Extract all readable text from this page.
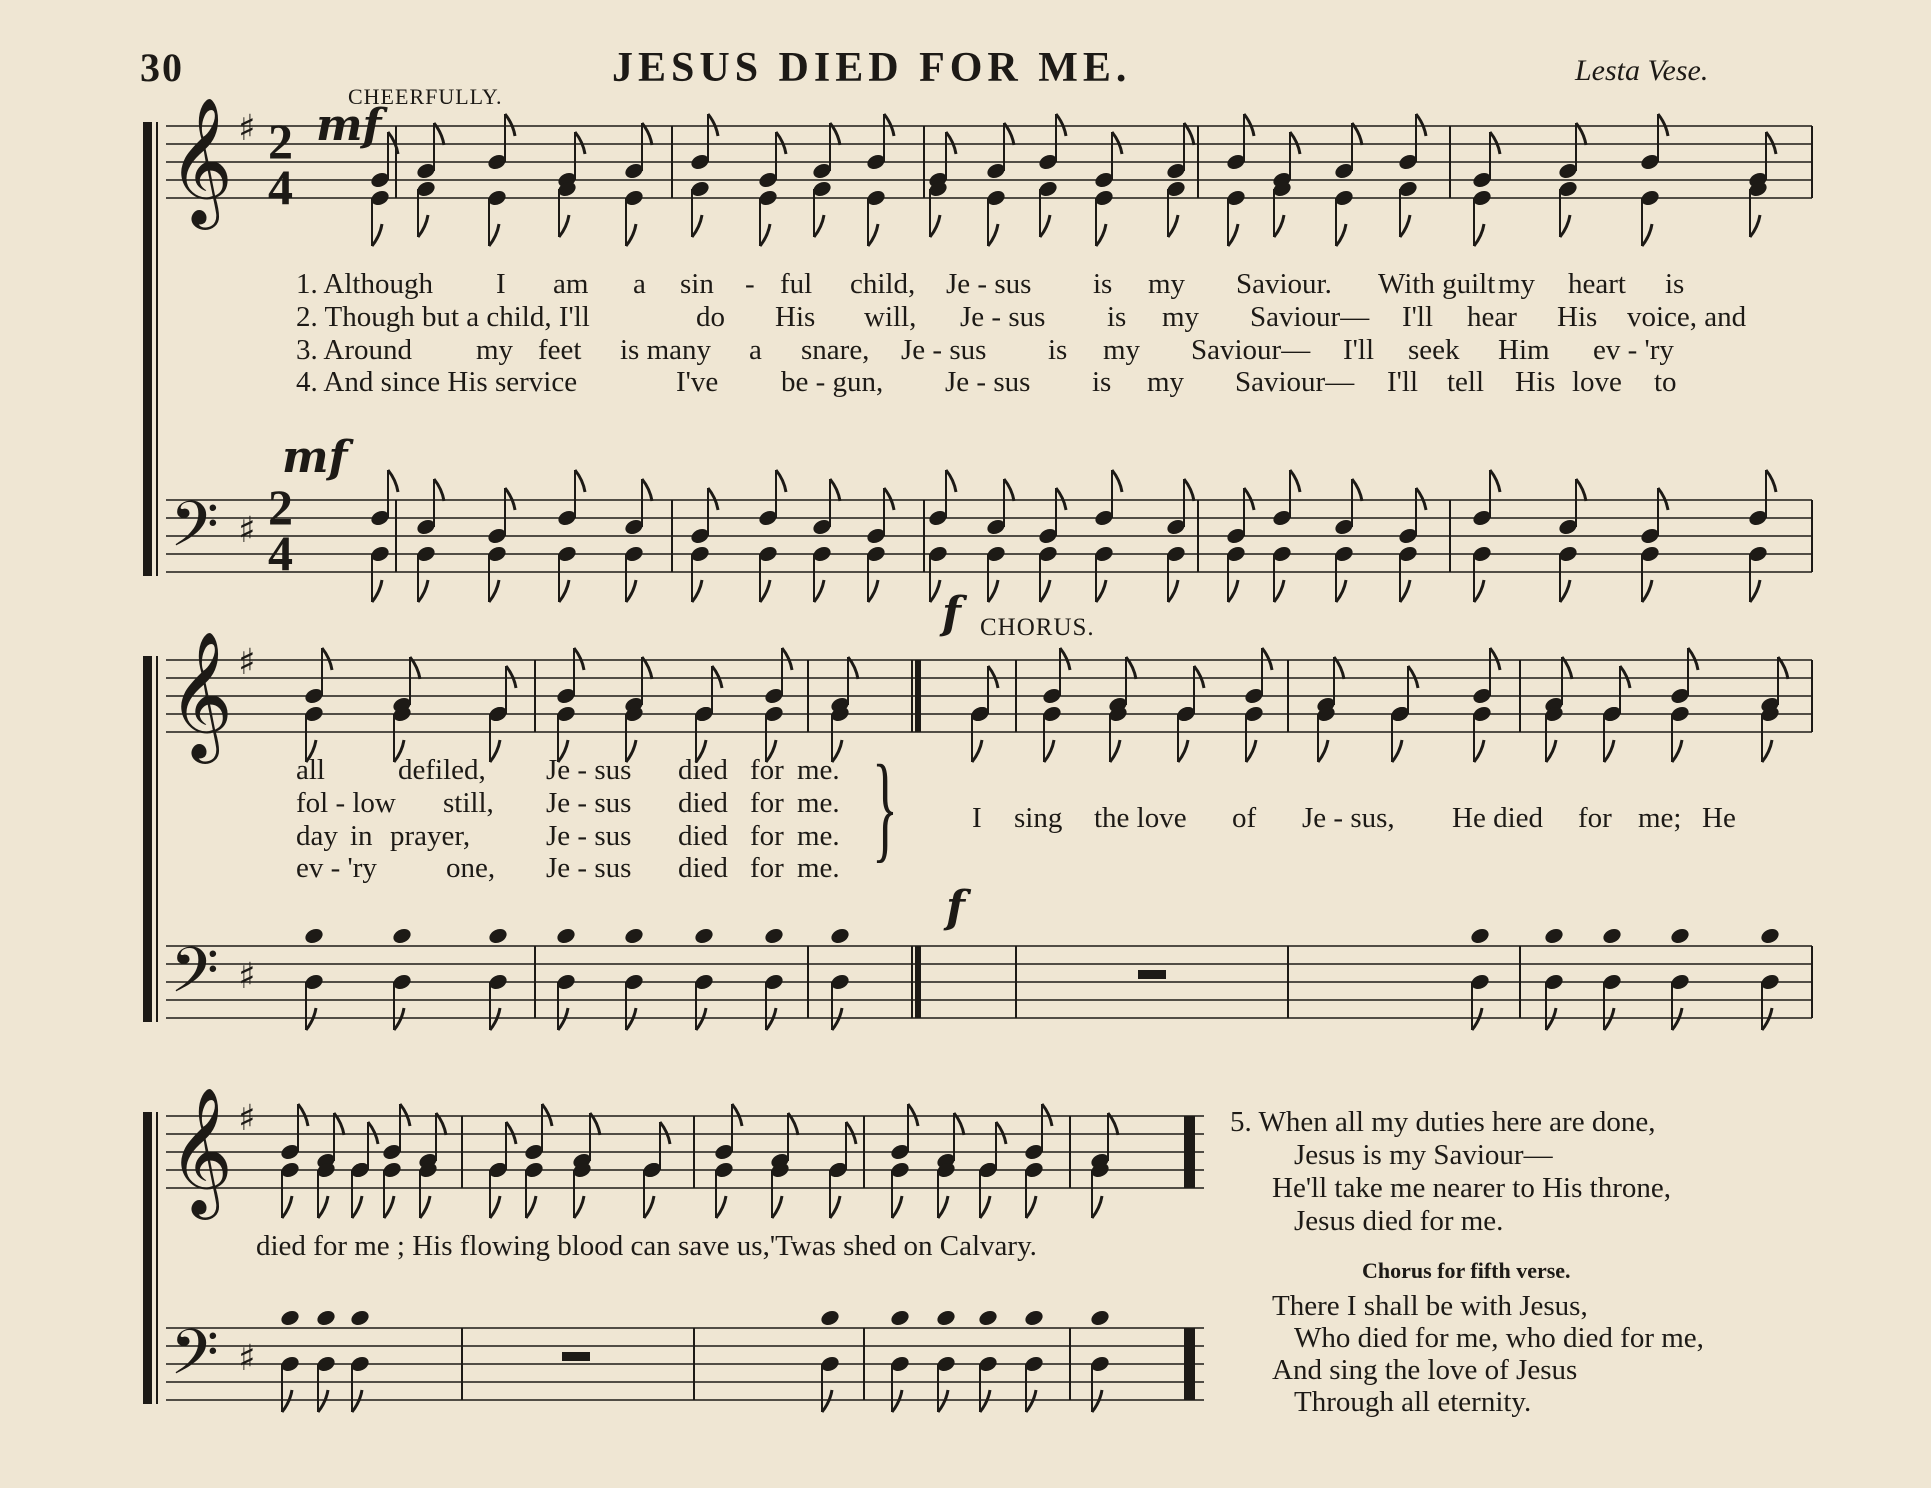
30	JESUS DIED FOR ME.	Lesta Vese.
CHEERFULLY.
𝄞
𝄢
♯
♯
𝄞
𝄢
♯
♯
𝄞
𝄢
♯
♯
2
4
2
4
mf
mf
f
f
CHORUS.
1. Although	I	am	a	sin	- ful	child,	Je - sus	is	my	Saviour.	With guilt my	heart	is
2. Though but a child, I'll	do	His	will,	Je - sus	is	my	Saviour—	I'll	hear	His	voice, and
3. Around	my feet	is many	a	snare,	Je - sus	is	my	Saviour—	I'll	seek	Him	ev - 'ry
4. And since His service	I've	be - gun,	Je - sus	is	my	Saviour—	I'll	tell	His love	to
all	defiled,	Je - sus	died for me.
fol - low	still,	Je - sus	died for me.
day in prayer,	Je - sus	died for me.
ev - 'ry	one,	Je - sus	died for me. }	I	sing	the love	of	Je - sus,	He died	for me; He
died for me ; His flowing blood can save us,'Twas shed on Calvary.
5. When all my duties here are done,
Jesus is my Saviour—
He'll take me nearer to His throne,
Jesus died for me.
Chorus for fifth verse.
There I shall be with Jesus,
Who died for me, who died for me,
And sing the love of Jesus
Through all eternity.
